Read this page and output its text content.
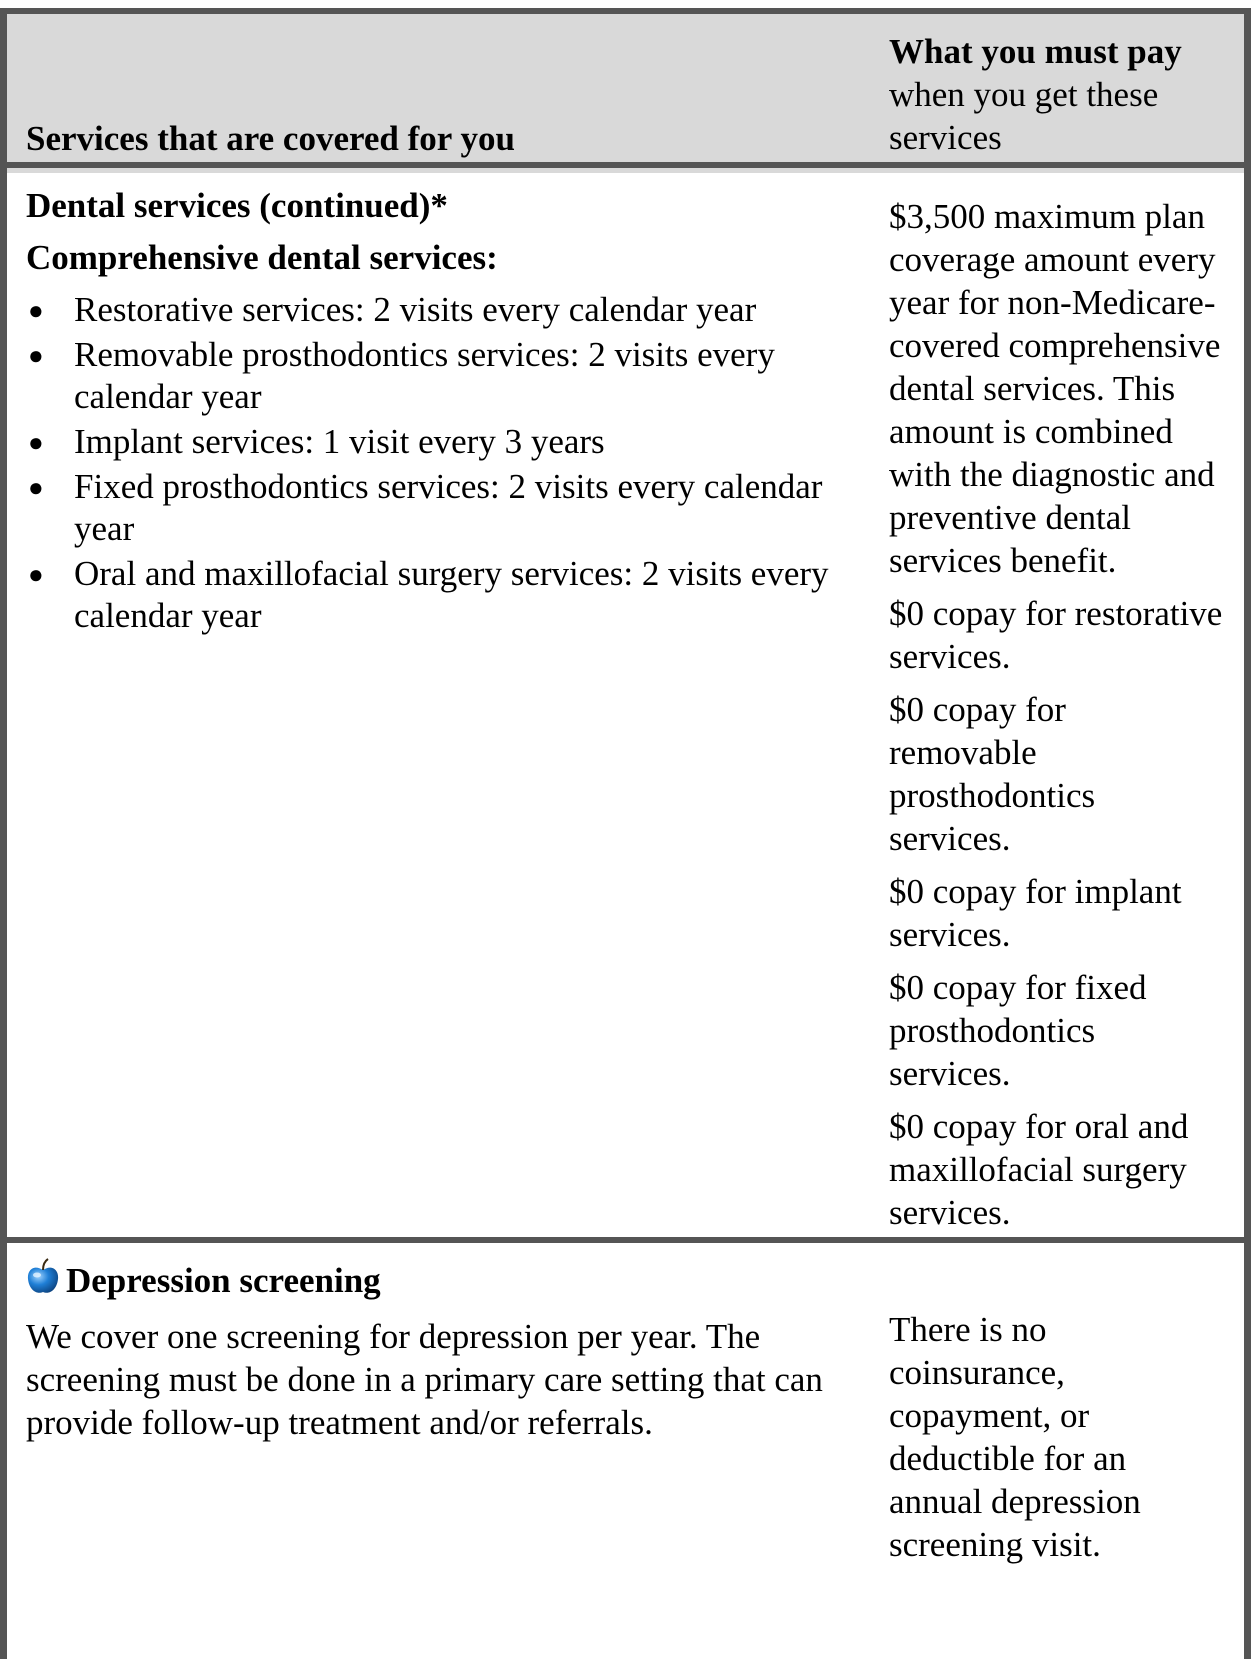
Services that are covered for you
What you must pay
when you get these services

Dental services (continued)*

Comprehensive dental services:

● Restorative services: 2 visits every calendar year
● Removable prosthodontics services: 2 visits every calendar year
● Implant services: 1 visit every 3 years
● Fixed prosthodontics services: 2 visits every calendar year
● Oral and maxillofacial surgery services: 2 visits every calendar year

$3,500 maximum plan coverage amount every year for non-Medicare-covered comprehensive dental services. This amount is combined with the diagnostic and preventive dental services benefit.

$0 copay for restorative services.

$0 copay for removable prosthodontics services.

$0 copay for implant services.

$0 copay for fixed prosthodontics services.

$0 copay for oral and maxillofacial surgery services.

Depression screening

We cover one screening for depression per year. The screening must be done in a primary care setting that can provide follow-up treatment and/or referrals.

There is no coinsurance, copayment, or deductible for an annual depression screening visit.
